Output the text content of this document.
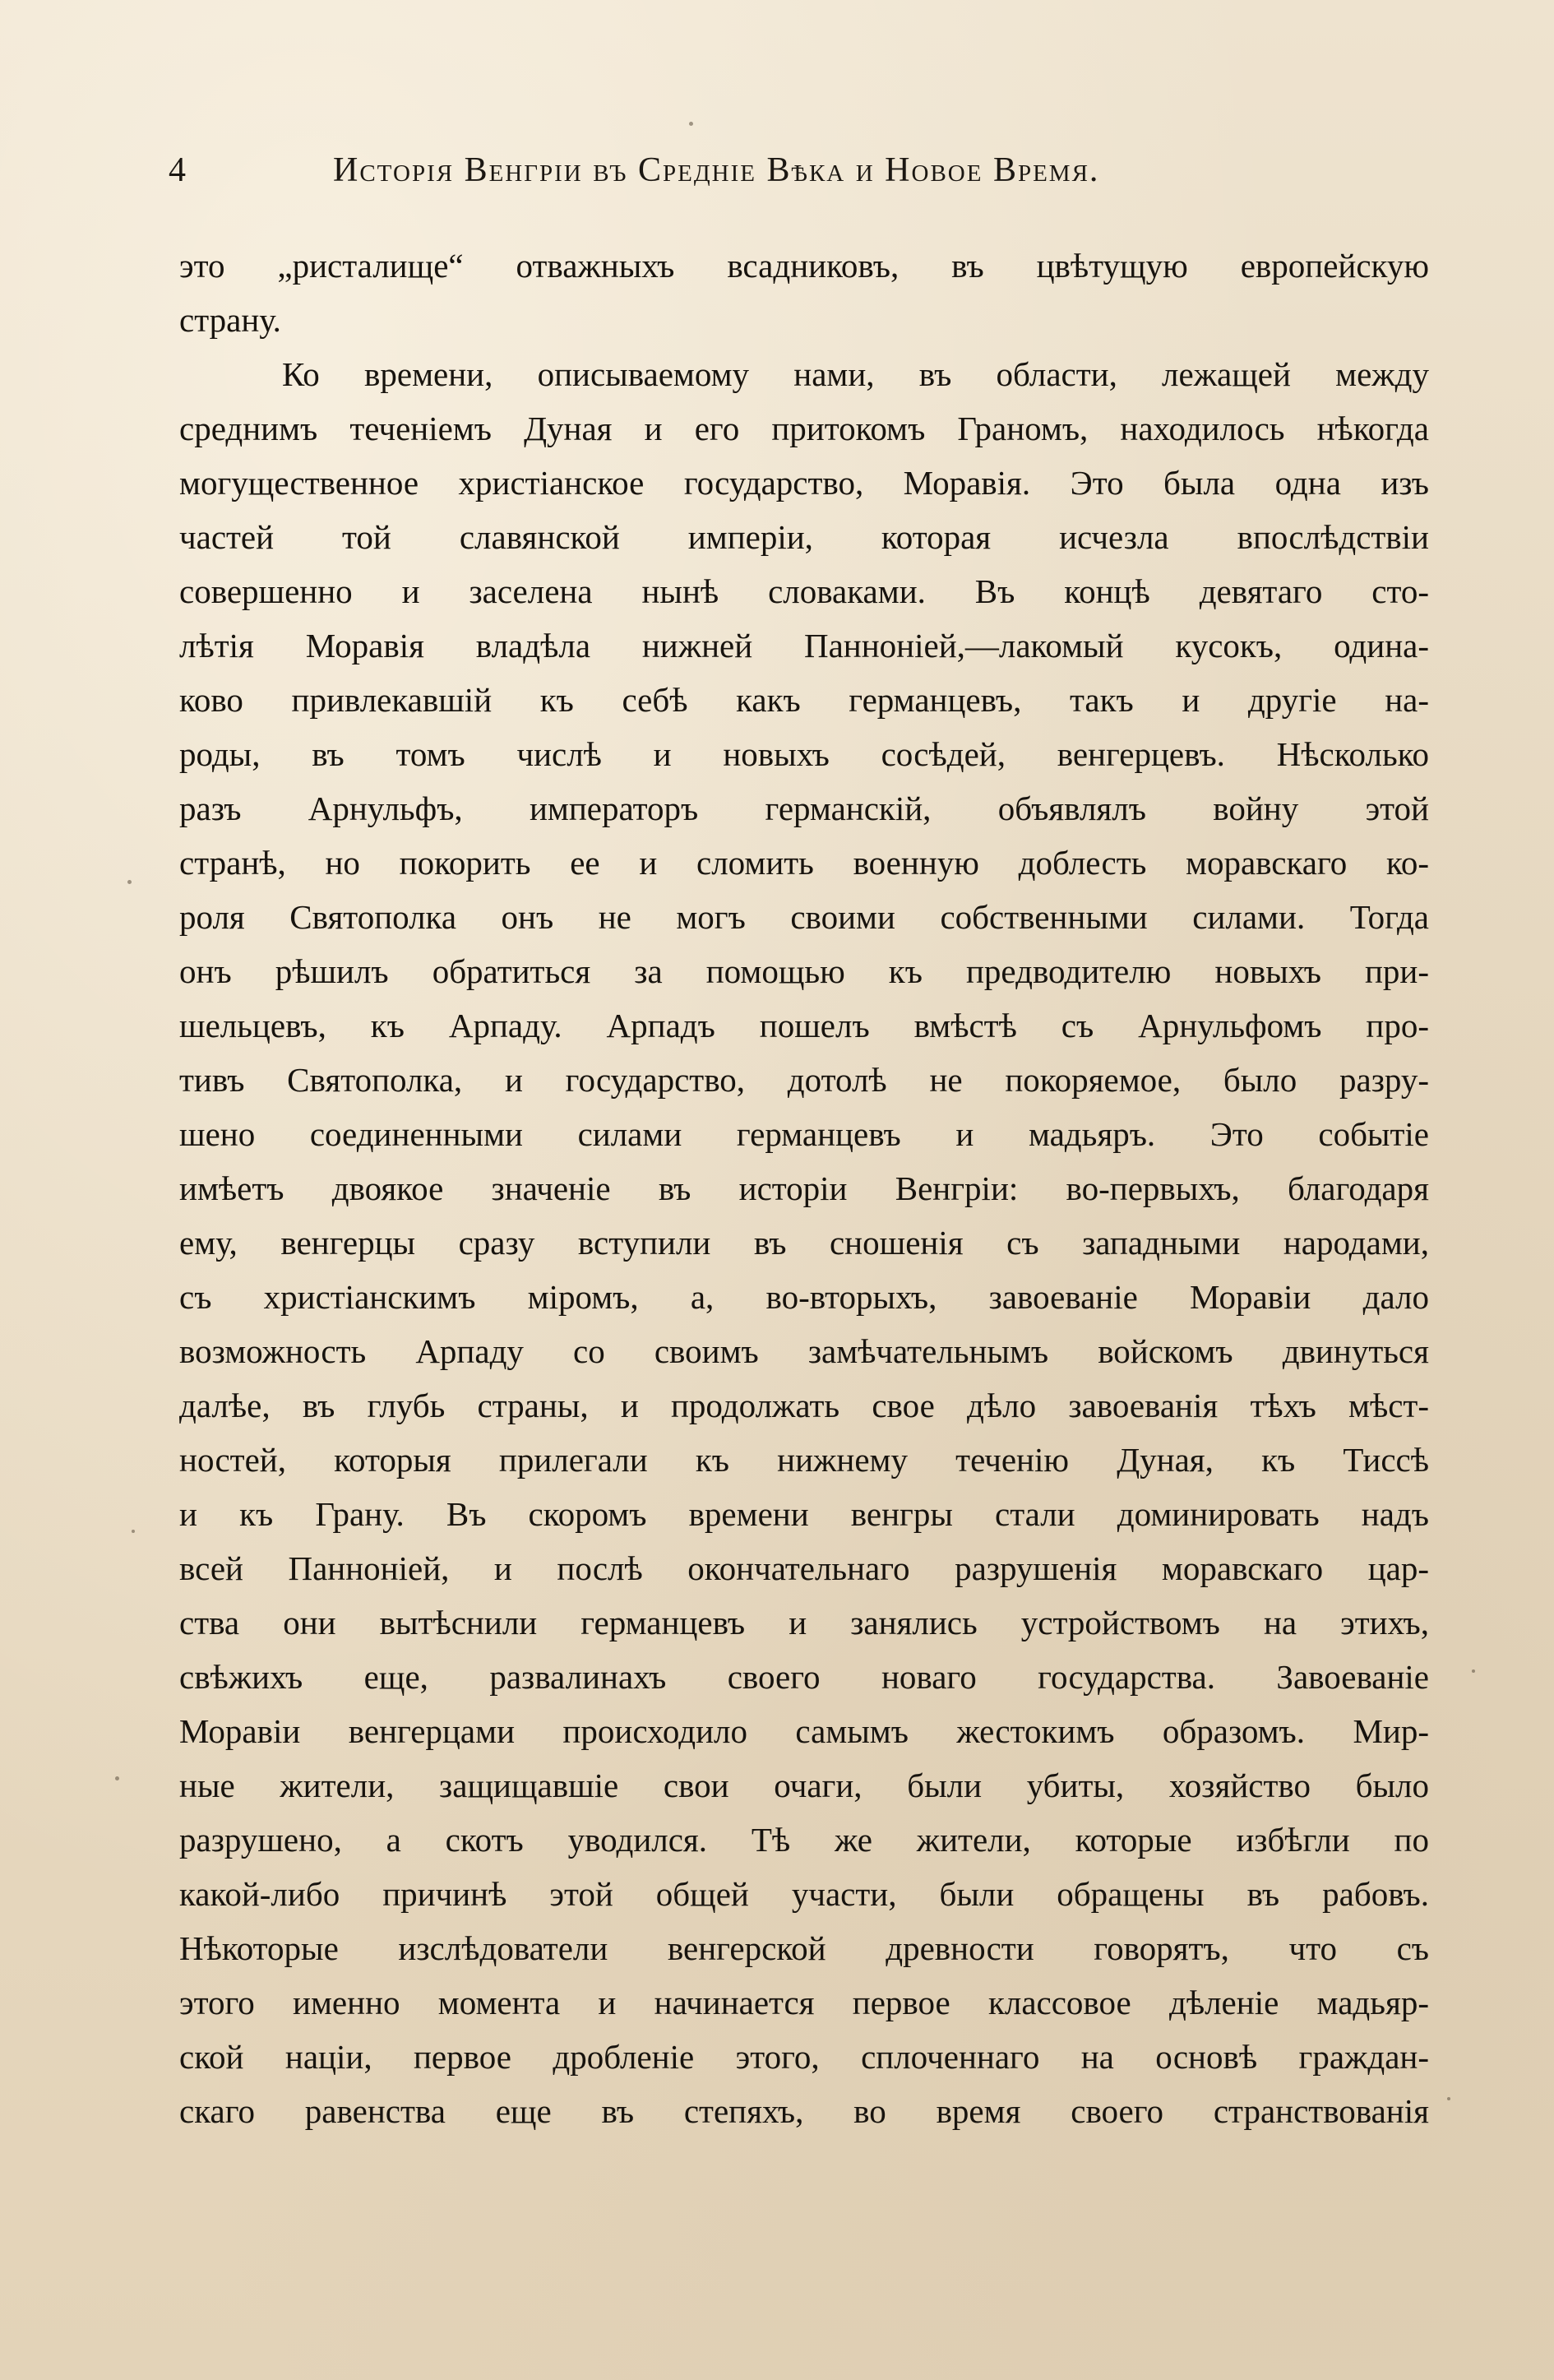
4	Исторія Венгріи въ Средніе Вѣка и Новое Время.
это „ристалище“ отважныхъ всадниковъ, въ цвѣтущую европейскую
страну.
Ко времени, описываемому нами, въ области, лежащей между
среднимъ теченіемъ Дуная и его притокомъ Граномъ, находилось нѣкогда
могущественное христіанское государство, Моравія. Это была одна изъ
частей той славянской имперіи, которая исчезла впослѣдствіи
совершенно и заселена нынѣ словаками. Въ концѣ девятаго сто-
лѣтія Моравія владѣла нижней Панноніей,—лакомый кусокъ, одина-
ково привлекавшій къ себѣ какъ германцевъ, такъ и другіе на-
роды, въ томъ числѣ и новыхъ сосѣдей, венгерцевъ. Нѣсколько
разъ Арнульфъ, императоръ германскій, объявлялъ войну этой
странѣ, но покорить ее и сломить военную доблесть моравскаго ко-
роля Святополка онъ не могъ своими собственными силами. Тогда
онъ рѣшилъ обратиться за помощью къ предводителю новыхъ при-
шельцевъ, къ Арпаду. Арпадъ пошелъ вмѣстѣ съ Арнульфомъ про-
тивъ Святополка, и государство, дотолѣ не покоряемое, было разру-
шено соединенными силами германцевъ и мадьяръ. Это событіе
имѣетъ двоякое значеніе въ исторіи Венгріи: во-первыхъ, благодаря
ему, венгерцы сразу вступили въ сношенія съ западными народами,
съ христіанскимъ міромъ, а, во-вторыхъ, завоеваніе Моравіи дало
возможность Арпаду со своимъ замѣчательнымъ войскомъ двинуться
далѣе, въ глубь страны, и продолжать свое дѣло завоеванія тѣхъ мѣст-
ностей, которыя прилегали къ нижнему теченію Дуная, къ Тиссѣ
и къ Грану. Въ скоромъ времени венгры стали доминировать надъ
всей Панноніей, и послѣ окончательнаго разрушенія моравскаго цар-
ства они вытѣснили германцевъ и занялись устройствомъ на этихъ,
свѣжихъ еще, развалинахъ своего новаго государства. Завоеваніе
Моравіи венгерцами происходило самымъ жестокимъ образомъ. Мир-
ные жители, защищавшіе свои очаги, были убиты, хозяйство было
разрушено, а скотъ уводился. Тѣ же жители, которые избѣгли по
какой-либо причинѣ этой общей участи, были обращены въ рабовъ.
Нѣкоторые изслѣдователи венгерской древности говорятъ, что съ
этого именно момента и начинается первое классовое дѣленіе мадьяр-
ской націи, первое дробленіе этого, сплоченнаго на основѣ граждан-
скаго равенства еще въ степяхъ, во время своего странствованія
